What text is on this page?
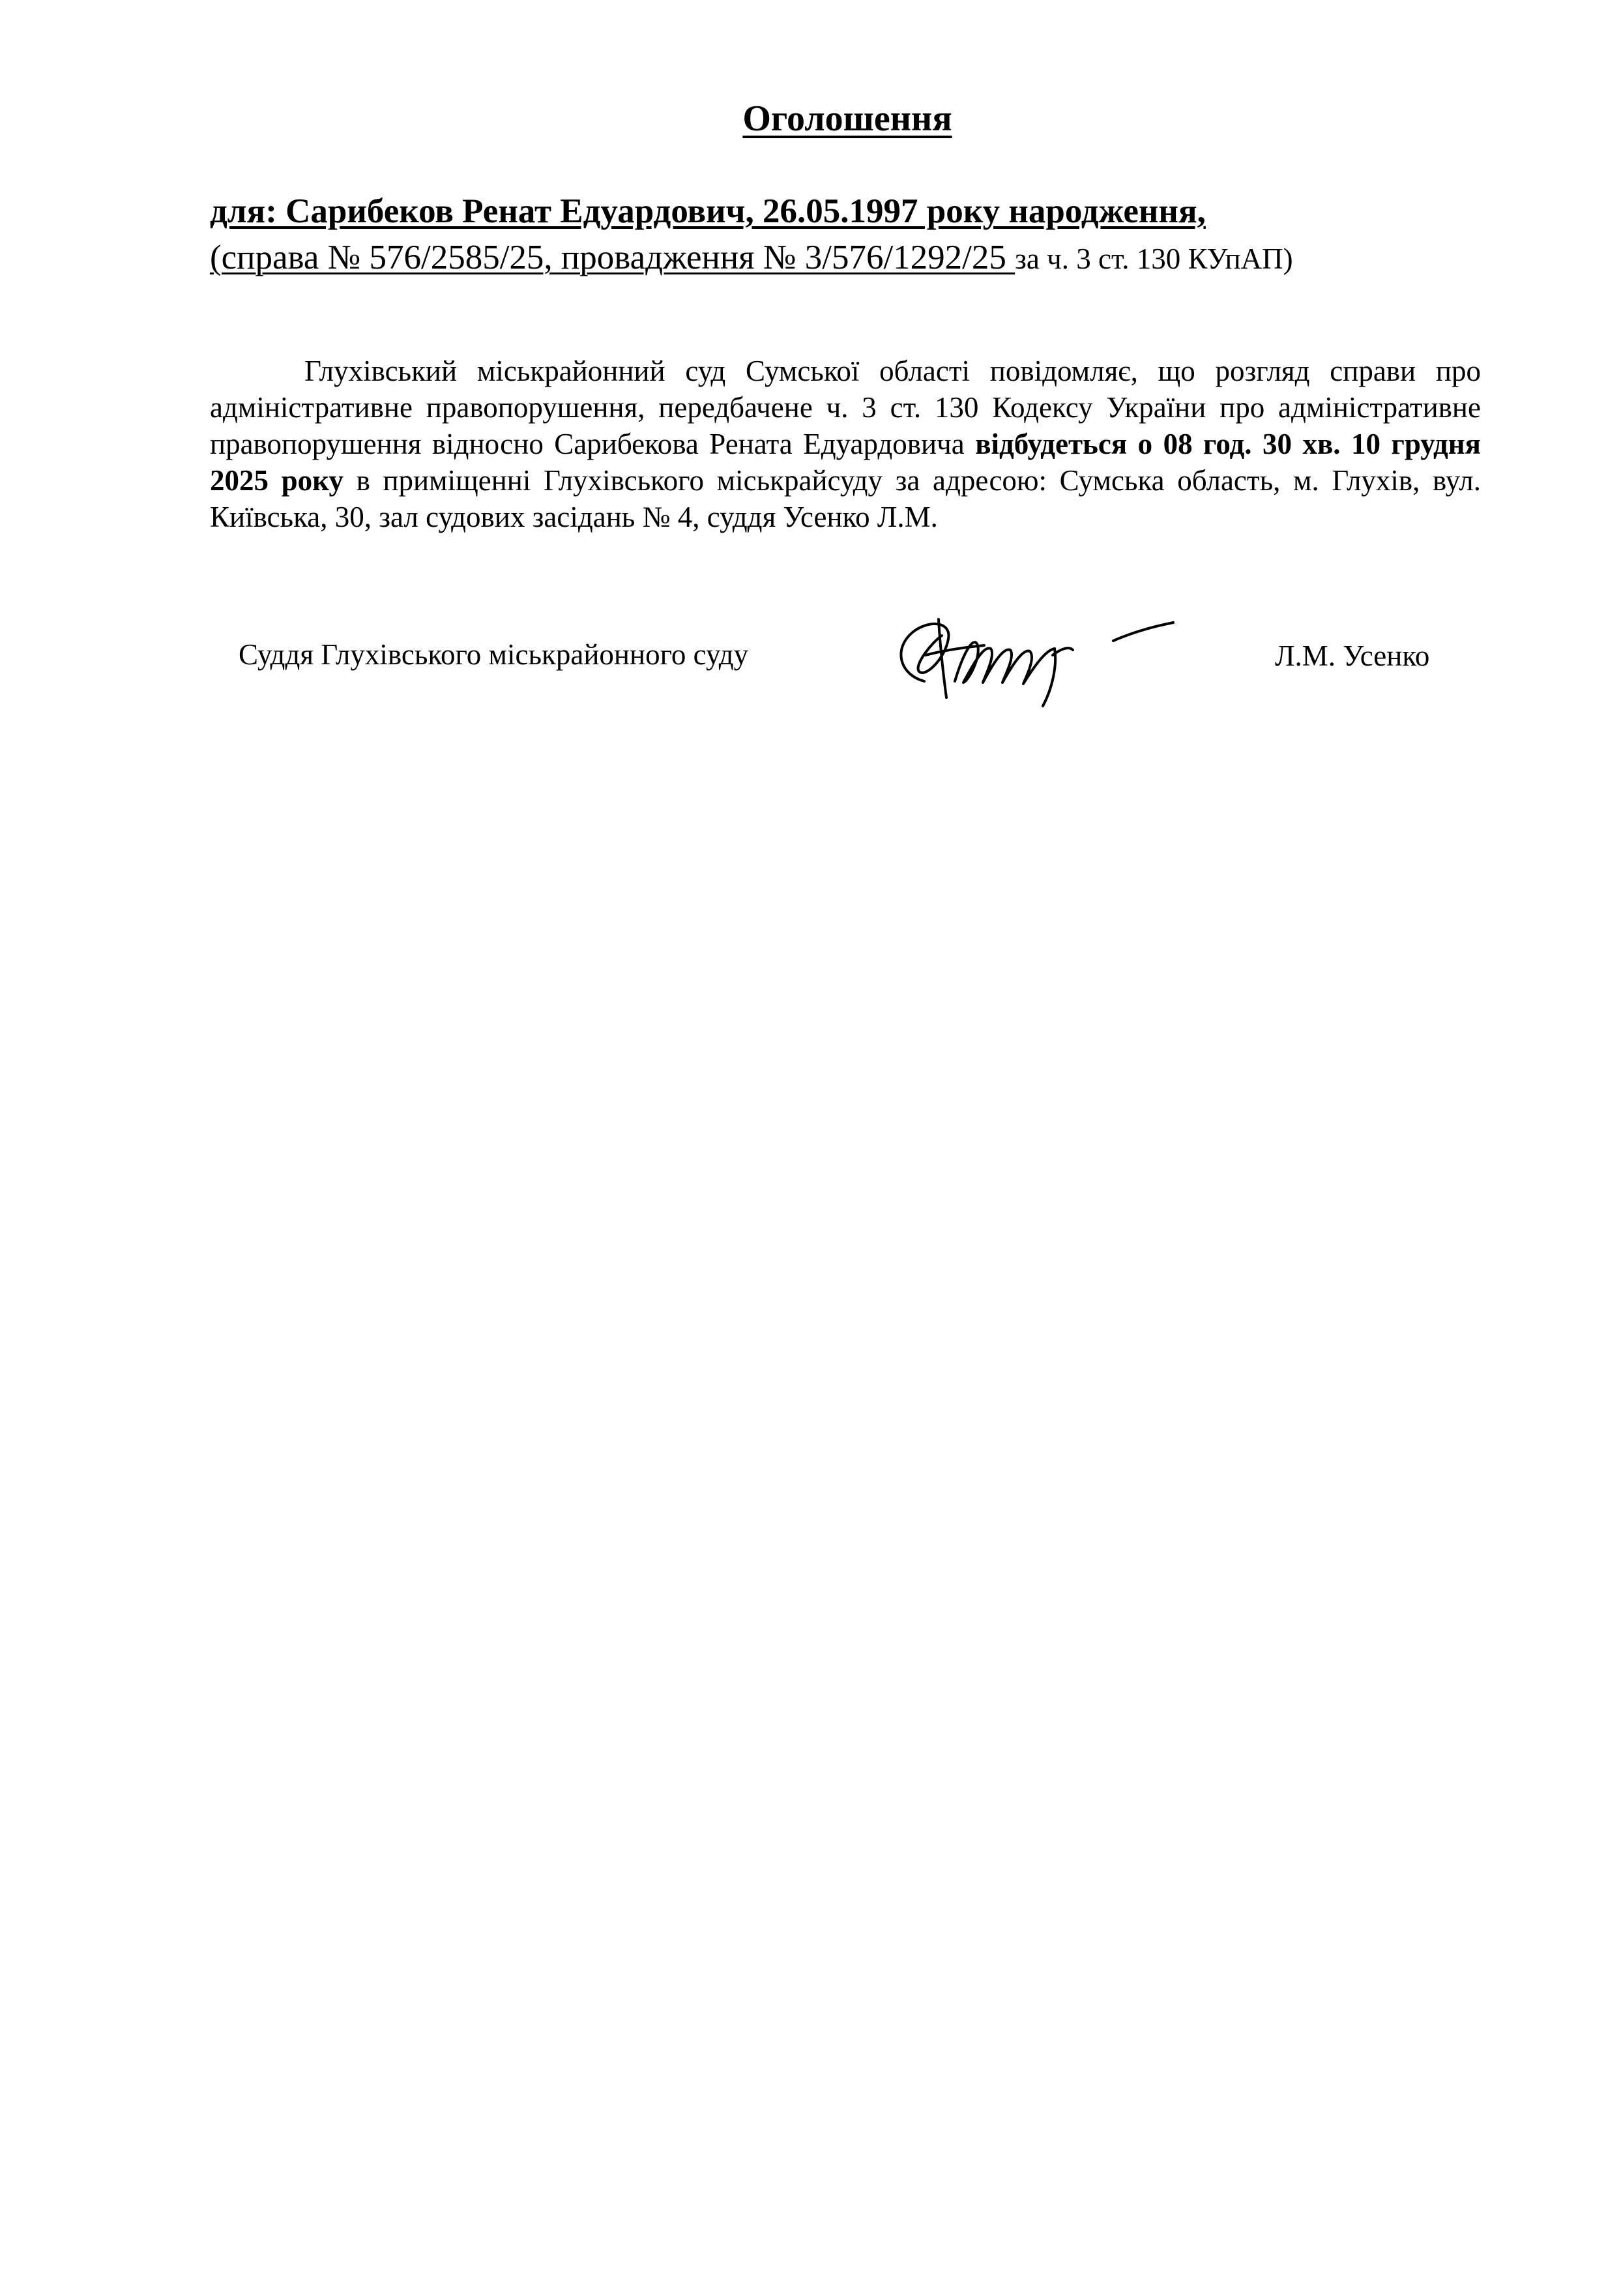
Оголошення
для: Сарибеков Ренат Едуардович, 26.05.1997 року народження,
(справа № 576/2585/25, провадження № 3/576/1292/25 за ч. 3 ст. 130 КУпАП)
Глухівський міськрайонний суд Сумської області повідомляє, що розгляд справи про адміністративне правопорушення, передбачене ч. 3 ст. 130 Кодексу України про адміністративне правопорушення відносно Сарибекова Рената Едуардовича відбудеться о 08 год. 30 хв. 10 грудня 2025 року в приміщенні Глухівського міськрайсуду за адресою: Сумська область, м. Глухів, вул. Київська, 30, зал судових засідань № 4, суддя Усенко Л.М.
Суддя Глухівського міськрайонного суду	Л.М. Усенко
